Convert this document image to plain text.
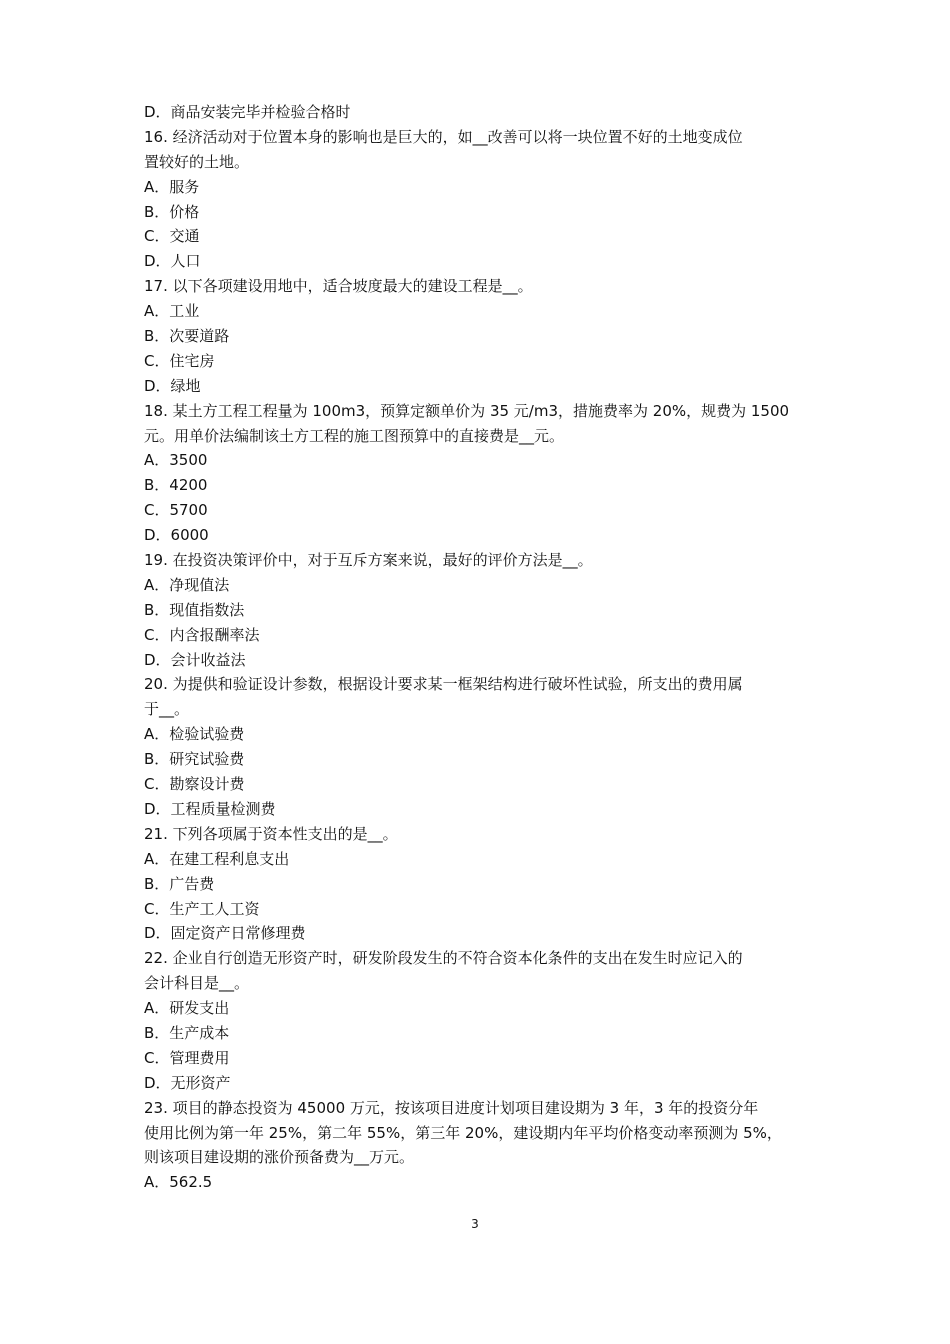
D．商品安装完毕并检验合格时
16. 经济活动对于位置本身的影响也是巨大的，如__改善可以将一块位置不好的土地变成位
置较好的土地。
A．服务
B．价格
C．交通
D．人口
17. 以下各项建设用地中，适合坡度最大的建设工程是__。
A．工业
B．次要道路
C．住宅房
D．绿地
18. 某土方工程工程量为 100m3，预算定额单价为 35 元/m3，措施费率为 20%，规费为 1500
元。用单价法编制该土方工程的施工图预算中的直接费是__元。
A．3500
B．4200
C．5700
D．6000
19. 在投资决策评价中，对于互斥方案来说，最好的评价方法是__。
A．净现值法
B．现值指数法
C．内含报酬率法
D．会计收益法
20. 为提供和验证设计参数，根据设计要求某一框架结构进行破坏性试验，所支出的费用属
于__。
A．检验试验费
B．研究试验费
C．勘察设计费
D．工程质量检测费
21. 下列各项属于资本性支出的是__。
A．在建工程利息支出
B．广告费
C．生产工人工资
D．固定资产日常修理费
22. 企业自行创造无形资产时，研发阶段发生的不符合资本化条件的支出在发生时应记入的
会计科目是__。
A．研发支出
B．生产成本
C．管理费用
D．无形资产
23. 项目的静态投资为 45000 万元，按该项目进度计划项目建设期为 3 年，3 年的投资分年
使用比例为第一年 25%，第二年 55%，第三年 20%，建设期内年平均价格变动率预测为 5%，
则该项目建设期的涨价预备费为__万元。
A．562.5
3
